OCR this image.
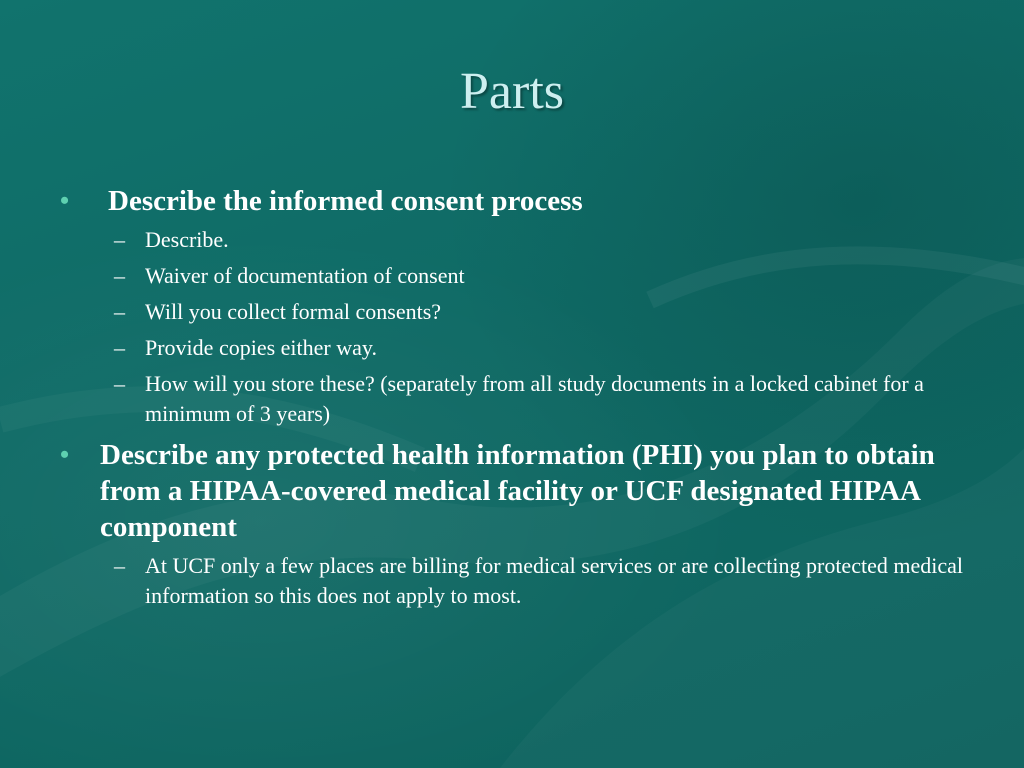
Parts
• Describe the informed consent process
– Describe.
– Waiver of documentation of consent
– Will you collect formal consents?
– Provide copies either way.
– How will you store these? (separately from all study documents in a locked cabinet for a minimum of 3 years)
• Describe any protected health information (PHI) you plan to obtain from a HIPAA-covered medical facility or UCF designated HIPAA component
– At UCF only a few places are billing for medical services or are collecting protected medical information so this does not apply to most.
